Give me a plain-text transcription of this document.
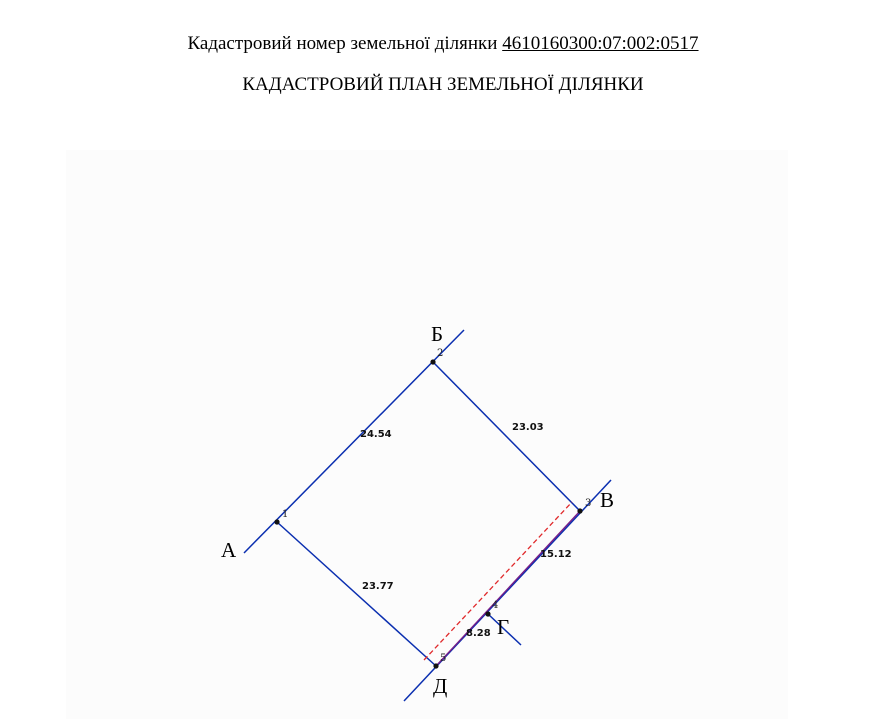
Кадастровий номер земельної ділянки 4610160300:07:002:0517
КАДАСТРОВИЙ ПЛАН ЗЕМЕЛЬНОЇ ДІЛЯНКИ
1
2
3
4
5
24.54
23.03
23.77
15.12
8.28
А
Б
В
Г
Д
